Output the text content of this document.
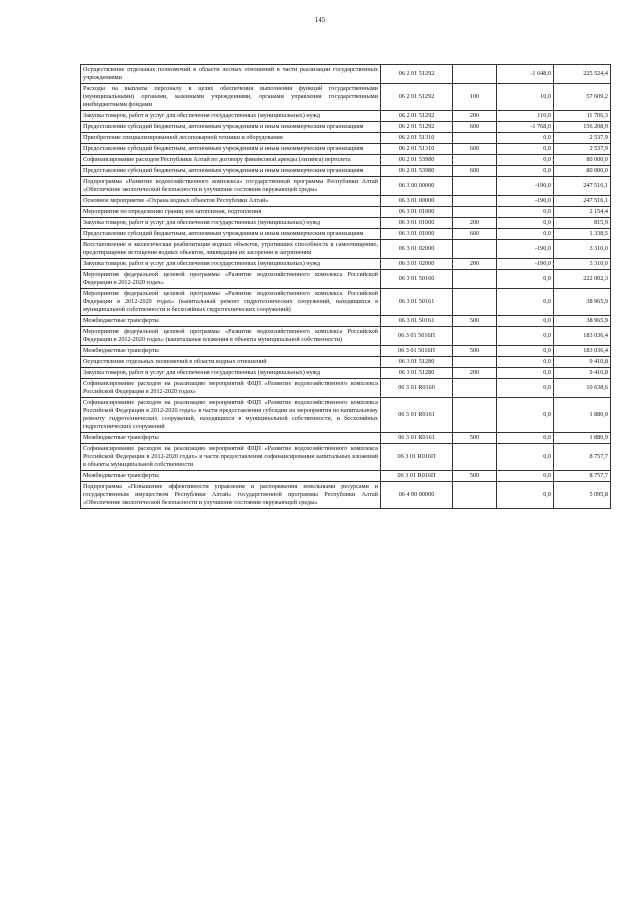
145
Осуществление отдельных полномочий в области лесных отношений в части реализации государственных учреждениями	06 2 01 51292		-1 648,0	225 524,4
Расходы на выплаты персоналу в целях обеспечения выполнения функций государственными (муниципальными) органами, казенными учреждениями, органами управления государственными внебюджетными фондами	06 2 01 51292	100	10,0	57 609,2
Закупка товаров, работ и услуг для обеспечения государственных (муниципальных) нужд	06 2 01 51292	200	110,0	11 706,3
Предоставление субсидий бюджетным, автономным учреждениям и иным некоммерческим организациям	06 2 01 51292	600	-1 768,0	156 208,9
Приобретение специализированной лесопожарной техники и оборудования	06 2 01 51310		0,0	2 537,9
Предоставление субсидий бюджетным, автономным учреждениям и иным некоммерческим организациям	06 2 01 51310	600	0,0	2 537,9
Софинансирование расходов Республики Алтай по договору финансовой аренды (лизинга) вертолета	06 2 01 53980		0,0	80 000,0
Предоставление субсидий бюджетным, автономным учреждениям и иным некоммерческим организациям	06 2 01 53980	600	0,0	80 000,0
Подпрограмма «Развитие водохозяйственного комплекса» государственной программы Республики Алтай «Обеспечение экологической безопасности и улучшение состояния окружающей среды»	06 3 00 00000		-190,0	247 516,1
Основное мероприятие «Охрана водных объектов Республики Алтай»	06 3 01 00000		-190,0	247 516,1
Мероприятия по определению границ зон затопления, подтопления	06 3 01 01000		0,0	2 154,4
Закупка товаров, работ и услуг для обеспечения государственных (муниципальных) нужд	06 3 01 01000	200	0,0	815,9
Предоставление субсидий бюджетным, автономным учреждениям и иным некоммерческим организациям	06 3 01 01000	600	0,0	1 338,5
Восстановление и экологическая реабилитация водных объектов, утративших способность к самоочищению, предотвращение истощения водных объектов, ликвидация их засорения и загрязнения	06 3 01 02000		-190,0	3 310,0
Закупка товаров, работ и услуг для обеспечения государственных (муниципальных) нужд	06 3 01 02000	200	-190,0	3 310,0
Мероприятия федеральной целевой программы «Развитие водохозяйственного комплекса Российской Федерации в 2012-2020 годах»	06 3 01 50160		0,0	222 002,3
Мероприятия федеральной целевой программы «Развитие водохозяйственного комплекса Российской Федерации в 2012-2020 годах» (капитальный ремонт гидротехнических сооружений, находящихся в муниципальной собственности и бесхозяйных гидротехнических сооружений)	06 3 01 50161		0,0	38 965,9
Межбюджетные трансферты	06 3 01 50161	500	0,0	38 965,9
Мероприятия федеральной целевой программы «Развитие водохозяйственного комплекса Российской Федерации в 2012-2020 годах» (капитальные вложения в объекты муниципальной собственности)	06 3 01 5016П		0,0	183 036,4
Межбюджетные трансферты	06 3 01 5016П	500	0,0	183 036,4
Осуществление отдельных полномочий в области водных отношений	06 3 01 51280		0,0	9 410,8
Закупка товаров, работ и услуг для обеспечения государственных (муниципальных) нужд	06 3 01 51280	200	0,0	9 410,8
Софинансирование расходов на реализацию мероприятий ФЦП «Развитие водохозяйственного комплекса Российской Федерации в 2012-2020 годах»	06 3 01 R0160		0,0	10 638,6
Софинансирование расходов на реализацию мероприятий ФЦП «Развитие водохозяйственного комплекса Российской Федерации в 2012-2020 годах» в части предоставления субсидии на мероприятия по капитальному ремонту гидротехнических сооружений, находящихся в муниципальной собственности, и бесхозяйных гидротехнических сооружений	06 3 01 R0161		0,0	1 880,9
Межбюджетные трансферты	06 3 01 R0161	500	0,0	1 880,9
Софинансирование расходов на реализацию мероприятий ФЦП «Развитие водохозяйственного комплекса Российской Федерации в 2012-2020 годах» в части предоставления софинансирования капитальных вложений в объекты муниципальной собственности	06 3 01 R016П		0,0	8 757,7
Межбюджетные трансферты	06 3 01 R016П	500	0,0	8 757,7
Подпрограмма «Повышение эффективности управления и распоряжения земельными ресурсами и государственным имуществом Республики Алтай» государственной программы Республики Алтай «Обеспечение экологической безопасности и улучшение состояния окружающей среды»	06 4 00 00000		0,0	5 095,8
